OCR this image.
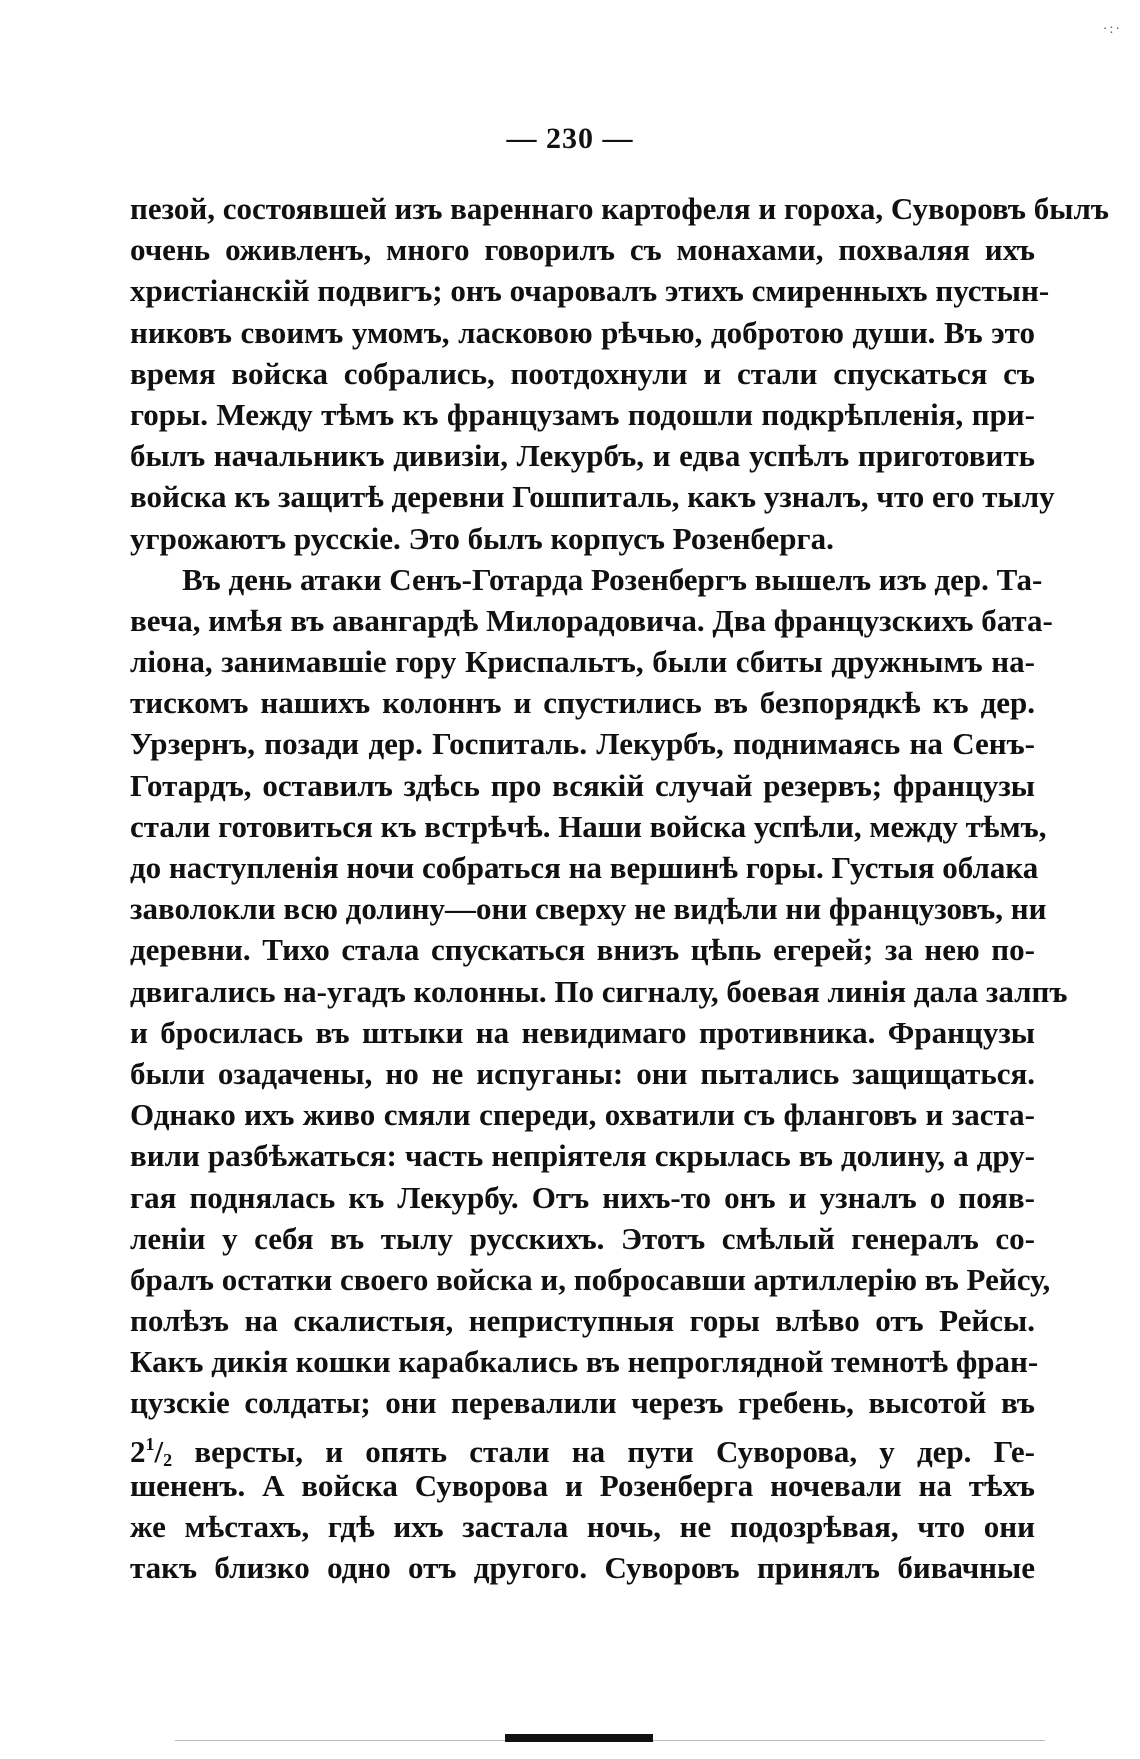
·:·
— 230 —
пезой, состоявшей изъ вареннаго картофеля и гороха, Суворовъ былъ
очень оживленъ, много говорилъ съ монахами, похваляя ихъ
христіанскій подвигъ; онъ очаровалъ этихъ смиренныхъ пустын-
никовъ своимъ умомъ, ласковою рѣчью, добротою души. Въ это
время войска собрались, поотдохнули и стали спускаться съ
горы. Между тѣмъ къ французамъ подошли подкрѣпленія, при-
былъ начальникъ дивизіи, Лекурбъ, и едва успѣлъ приготовить
войска къ защитѣ деревни Гошпиталь, какъ узналъ, что его тылу
угрожаютъ русскіе. Это былъ корпусъ Розенберга.
Въ день атаки Сенъ-Готарда Розенбергъ вышелъ изъ дер. Та-
веча, имѣя въ авангардѣ Милорадовича. Два французскихъ бата-
ліона, занимавшіе гору Криспальтъ, были сбиты дружнымъ на-
тискомъ нашихъ колоннъ и спустились въ безпорядкѣ къ дер.
Урзернъ, позади дер. Госпиталь. Лекурбъ, поднимаясь на Сенъ-
Готардъ, оставилъ здѣсь про всякій случай резервъ; французы
стали готовиться къ встрѣчѣ. Наши войска успѣли, между тѣмъ,
до наступленія ночи собраться на вершинѣ горы. Густыя облака
заволокли всю долину—они сверху не видѣли ни французовъ, ни
деревни. Тихо стала спускаться внизъ цѣпь егерей; за нею по-
двигались на-угадъ колонны. По сигналу, боевая линія дала залпъ
и бросилась въ штыки на невидимаго противника. Французы
были озадачены, но не испуганы: они пытались защищаться.
Однако ихъ живо смяли спереди, охватили съ фланговъ и заста-
вили разбѣжаться: часть непріятеля скрылась въ долину, а дру-
гая поднялась къ Лекурбу. Отъ нихъ-то онъ и узналъ о появ-
леніи у себя въ тылу русскихъ. Этотъ смѣлый генералъ со-
бралъ остатки своего войска и, побросавши артиллерію въ Рейсу,
полѣзъ на скалистыя, неприступныя горы влѣво отъ Рейсы.
Какъ дикія кошки карабкались въ непроглядной темнотѣ фран-
цузскіе солдаты; они перевалили черезъ гребень, высотой въ
$2^1/2$ версты, и опять стали на пути Суворова, у дер. Ге-
шененъ. А войска Суворова и Розенберга ночевали на тѣхъ
же мѣстахъ, гдѣ ихъ застала ночь, не подозрѣвая, что они
такъ близко одно отъ другого. Суворовъ принялъ бивачные
